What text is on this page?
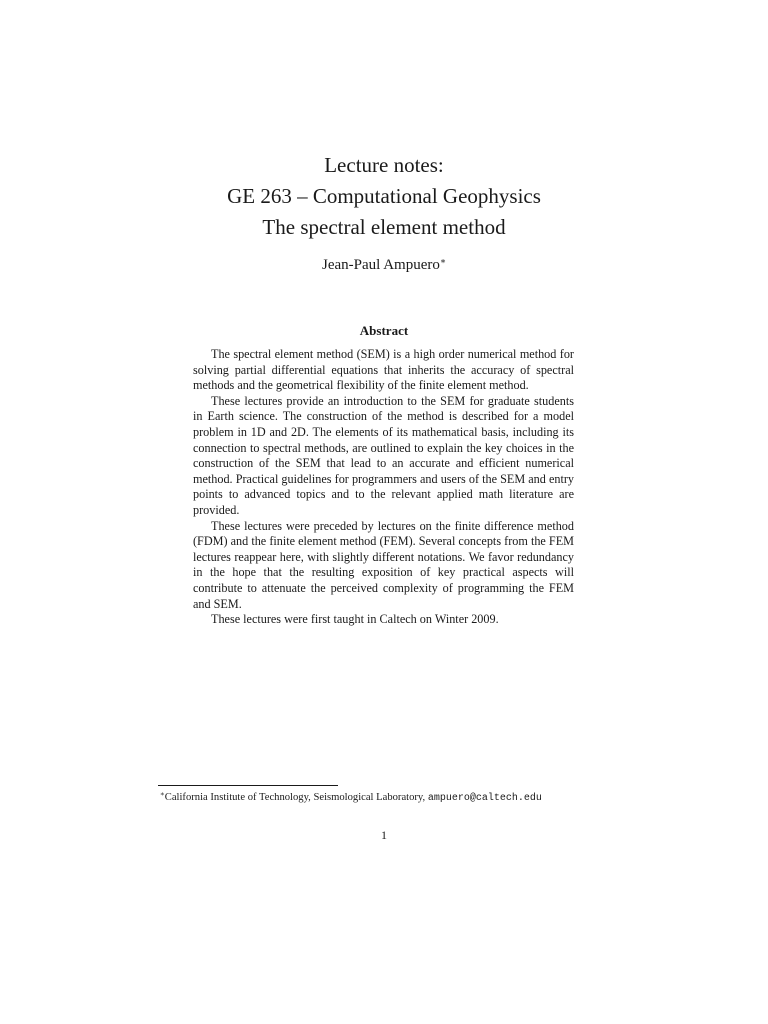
Lecture notes:
GE 263 – Computational Geophysics
The spectral element method
Jean-Paul Ampuero∗
Abstract

The spectral element method (SEM) is a high order numerical method for solving partial differential equations that inherits the accuracy of spectral methods and the geometrical flexibility of the finite element method.

These lectures provide an introduction to the SEM for graduate students in Earth science. The construction of the method is described for a model problem in 1D and 2D. The elements of its mathematical basis, including its connection to spectral methods, are outlined to explain the key choices in the construction of the SEM that lead to an accurate and efficient numerical method. Practical guidelines for programmers and users of the SEM and entry points to advanced topics and to the relevant applied math literature are provided.

These lectures were preceded by lectures on the finite difference method (FDM) and the finite element method (FEM). Several concepts from the FEM lectures reappear here, with slightly different notations. We favor redundancy in the hope that the resulting exposition of key practical aspects will contribute to attenuate the perceived complexity of programming the FEM and SEM.

These lectures were first taught in Caltech on Winter 2009.

∗California Institute of Technology, Seismological Laboratory, ampuero@caltech.edu
1
